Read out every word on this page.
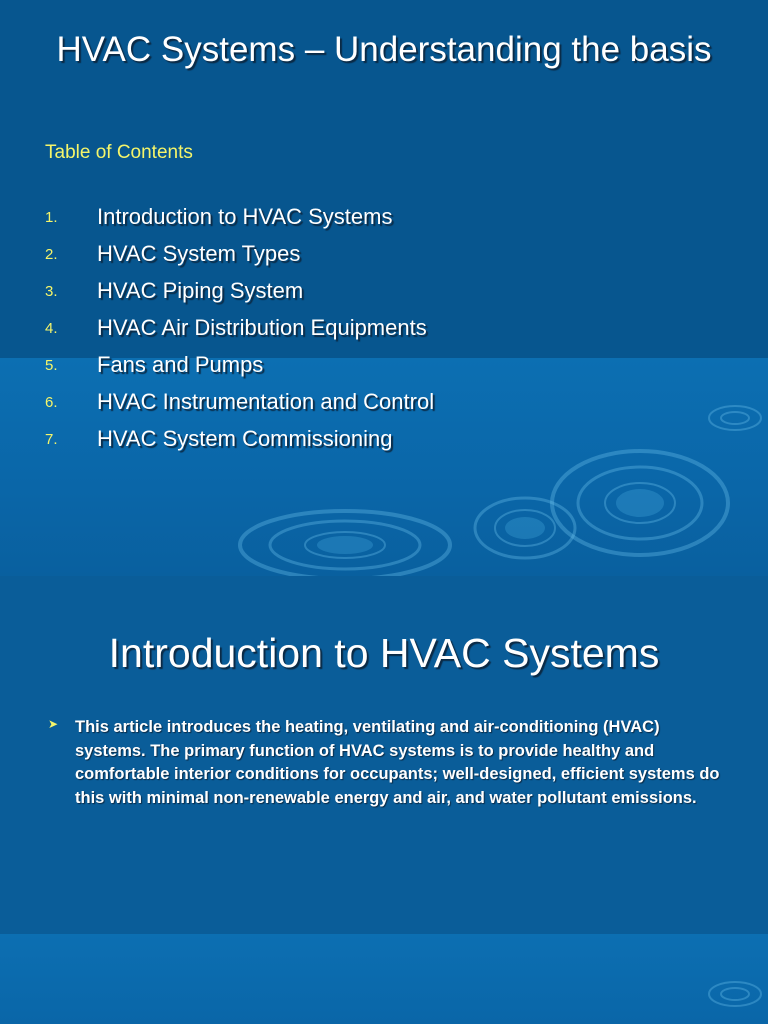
HVAC Systems – Understanding the basis
Table of Contents
1. Introduction to HVAC Systems
2. HVAC System Types
3. HVAC Piping System
4. HVAC Air Distribution Equipments
5. Fans and Pumps
6. HVAC Instrumentation and Control
7. HVAC System Commissioning
Introduction to HVAC Systems
➤ This article introduces the heating, ventilating and air-conditioning (HVAC) systems. The primary function of HVAC systems is to provide healthy and comfortable interior conditions for occupants; well-designed, efficient systems do this with minimal non-renewable energy and air, and water pollutant emissions.
